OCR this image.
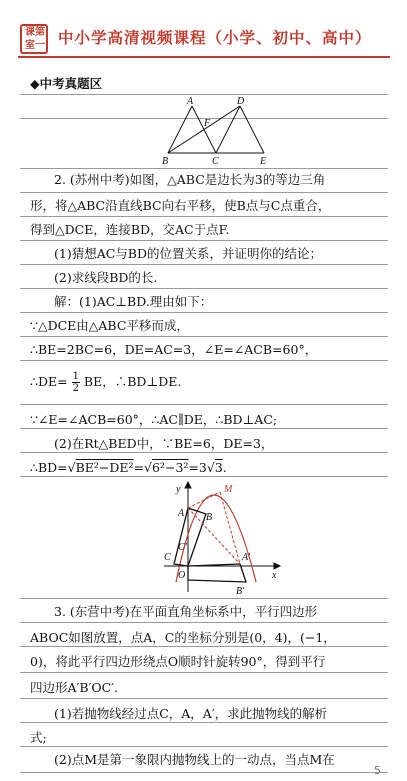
课第
室一 中小学高清视频课程（小学、初中、高中）
◆中考真题区
A	D
F
B	C	E
2. (苏州中考)如图，△ABC是边长为3的等边三角
形，将△ABC沿直线BC向右平移，使B点与C点重合，
得到△DCE，连接BD，交AC于点F.
(1)猜想AC与BD的位置关系，并证明你的结论；
(2)求线段BD的长.
解：(1)AC⊥BD.理由如下：
∵△DCE由△ABC平移而成，
∴BE=2BC=6，DE=AC=3，∠E=∠ACB=60°，
∴DE= $\frac{1}{2}$ BE，∴BD⊥DE.
∵∠E=∠ACB=60°，∴AC∥DE，∴BD⊥AC;
(2)在Rt△BED中，∵BE=6，DE=3，
∴BD=√BE²−DE²=√6²−3²=3√3.
y	M
A B
C
C'
O
A'
x
B'
3. (东营中考)在平面直角坐标系中，平行四边形
ABOC如图放置，点A，C的坐标分别是(0，4)，(−1，
0)，将此平行四边形绕点O顺时针旋转90°，得到平行
四边形A′B′OC′.
(1)若抛物线经过点C，A，A′，求此抛物线的解析
式;
(2)点M是第一象限内抛物线上的一动点，当点M在
5
